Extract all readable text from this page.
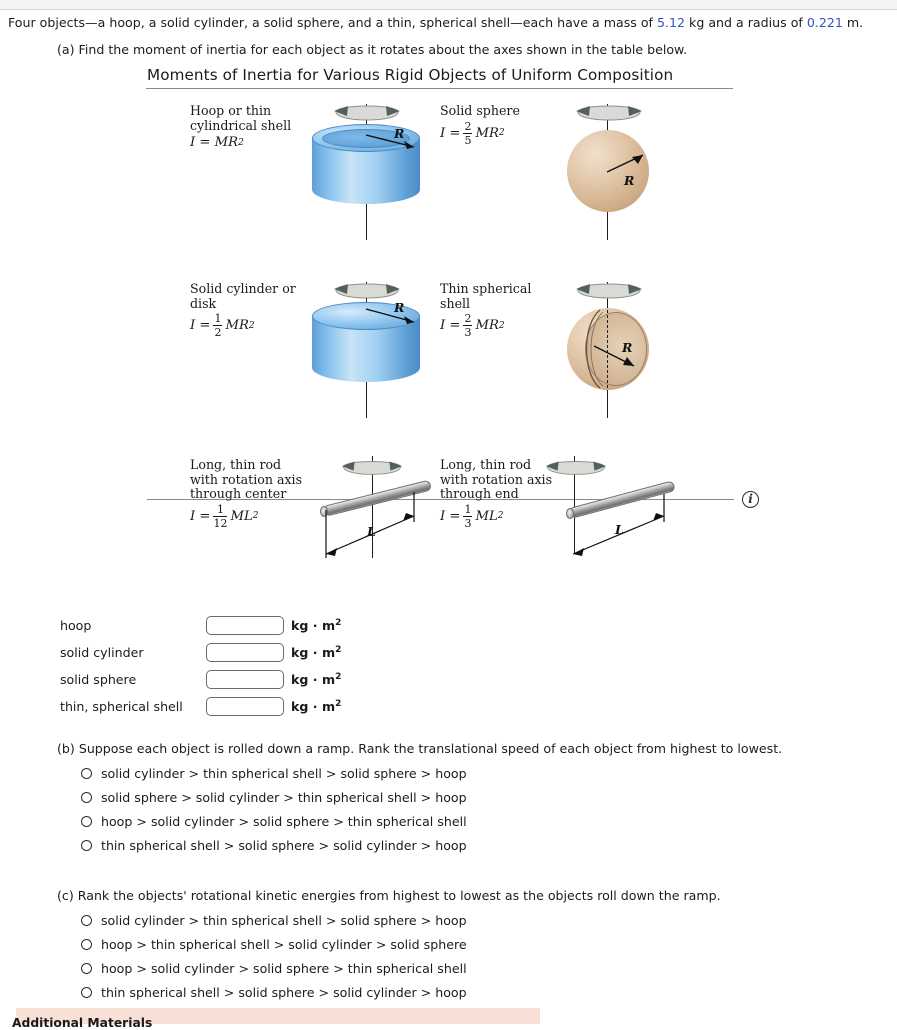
Four objects—a hoop, a solid cylinder, a solid sphere, and a thin, spherical shell—each have a mass of 5.12 kg and a radius of 0.221 m.
(a) Find the moment of inertia for each object as it rotates about the axes shown in the table below.
Moments of Inertia for Various Rigid Objects of Uniform Composition
i
Hoop or thin cylindrical shell
I =
MR 2
R
Solid sphere
$I = \frac{2}{5}$ MR 2
R
Solid cylinder or disk
$I = \frac{1}{2}$ MR 2
R
Thin spherical shell
$I = \frac{2}{3}$ MR 2
R
Long, thin rod with rotation axis through center
$I = \frac{1}{12}$ ML 2
L
Long, thin rod with rotation axis through end
$I = \frac{1}{3}$ ML 2
L
hoop	kg · $m^2$
solid cylinder	kg · $m^2$
solid sphere	kg · $m^2$
thin, spherical shell	kg · $m^2$
(b) Suppose each object is rolled down a ramp. Rank the translational speed of each object from highest to lowest.
solid cylinder > thin spherical shell > solid sphere > hoop
solid sphere > solid cylinder > thin spherical shell > hoop
hoop > solid cylinder > solid sphere > thin spherical shell
thin spherical shell > solid sphere > solid cylinder > hoop
(c) Rank the objects' rotational kinetic energies from highest to lowest as the objects roll down the ramp.
solid cylinder > thin spherical shell > solid sphere > hoop
hoop > thin spherical shell > solid cylinder > solid sphere
hoop > solid cylinder > solid sphere > thin spherical shell
thin spherical shell > solid sphere > solid cylinder > hoop
Additional Materials
